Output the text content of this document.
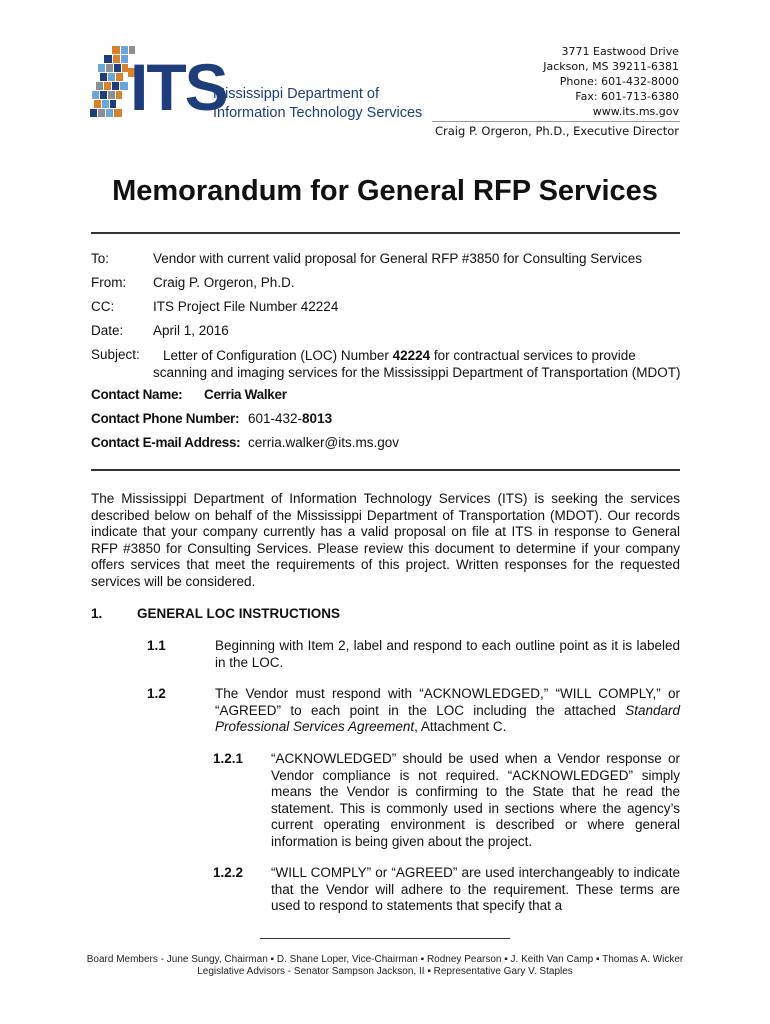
ITS
Mississippi Department of
Information Technology Services
3771 Eastwood Drive
Jackson, MS 39211-6381
Phone: 601-432-8000
Fax: 601-713-6380
www.its.ms.gov
Craig P. Orgeron, Ph.D., Executive Director
Memorandum for General RFP Services
To:	Vendor with current valid proposal for General RFP #3850 for Consulting Services
From: Craig P. Orgeron, Ph.D.
CC:	ITS Project File Number 42224
Date: April 1, 2016
Subject:	Letter of Configuration (LOC) Number 42224 for contractual services to provide scanning and imaging services for the Mississippi Department of Transportation (MDOT)
Contact Name: Cerria Walker
Contact Phone Number: 601-432-8013
Contact E-mail Address: cerria.walker@its.ms.gov
The Mississippi Department of Information Technology Services (ITS) is seeking the services described below on behalf of the Mississippi Department of Transportation (MDOT). Our records indicate that your company currently has a valid proposal on file at ITS in response to General RFP #3850 for Consulting Services. Please review this document to determine if your company offers services that meet the requirements of this project. Written responses for the requested services will be considered.
1.	GENERAL LOC INSTRUCTIONS
1.1	Beginning with Item 2, label and respond to each outline point as it is labeled in the LOC.
1.2	The Vendor must respond with “ACKNOWLEDGED,” “WILL COMPLY,” or “AGREED” to each point in the LOC including the attached Standard Professional Services Agreement, Attachment C.
1.2.1 “ACKNOWLEDGED” should be used when a Vendor response or Vendor compliance is not required. “ACKNOWLEDGED” simply means the Vendor is confirming to the State that he read the statement. This is commonly used in sections where the agency’s current operating environment is described or where general information is being given about the project.
1.2.2 “WILL COMPLY” or “AGREED” are used interchangeably to indicate that the Vendor will adhere to the requirement. These terms are used to respond to statements that specify that a
Board Members - June Sungy, Chairman ▪ D. Shane Loper, Vice-Chairman ▪ Rodney Pearson ▪ J. Keith Van Camp ▪ Thomas A. Wicker
Legislative Advisors - Senator Sampson Jackson, II ▪ Representative Gary V. Staples
